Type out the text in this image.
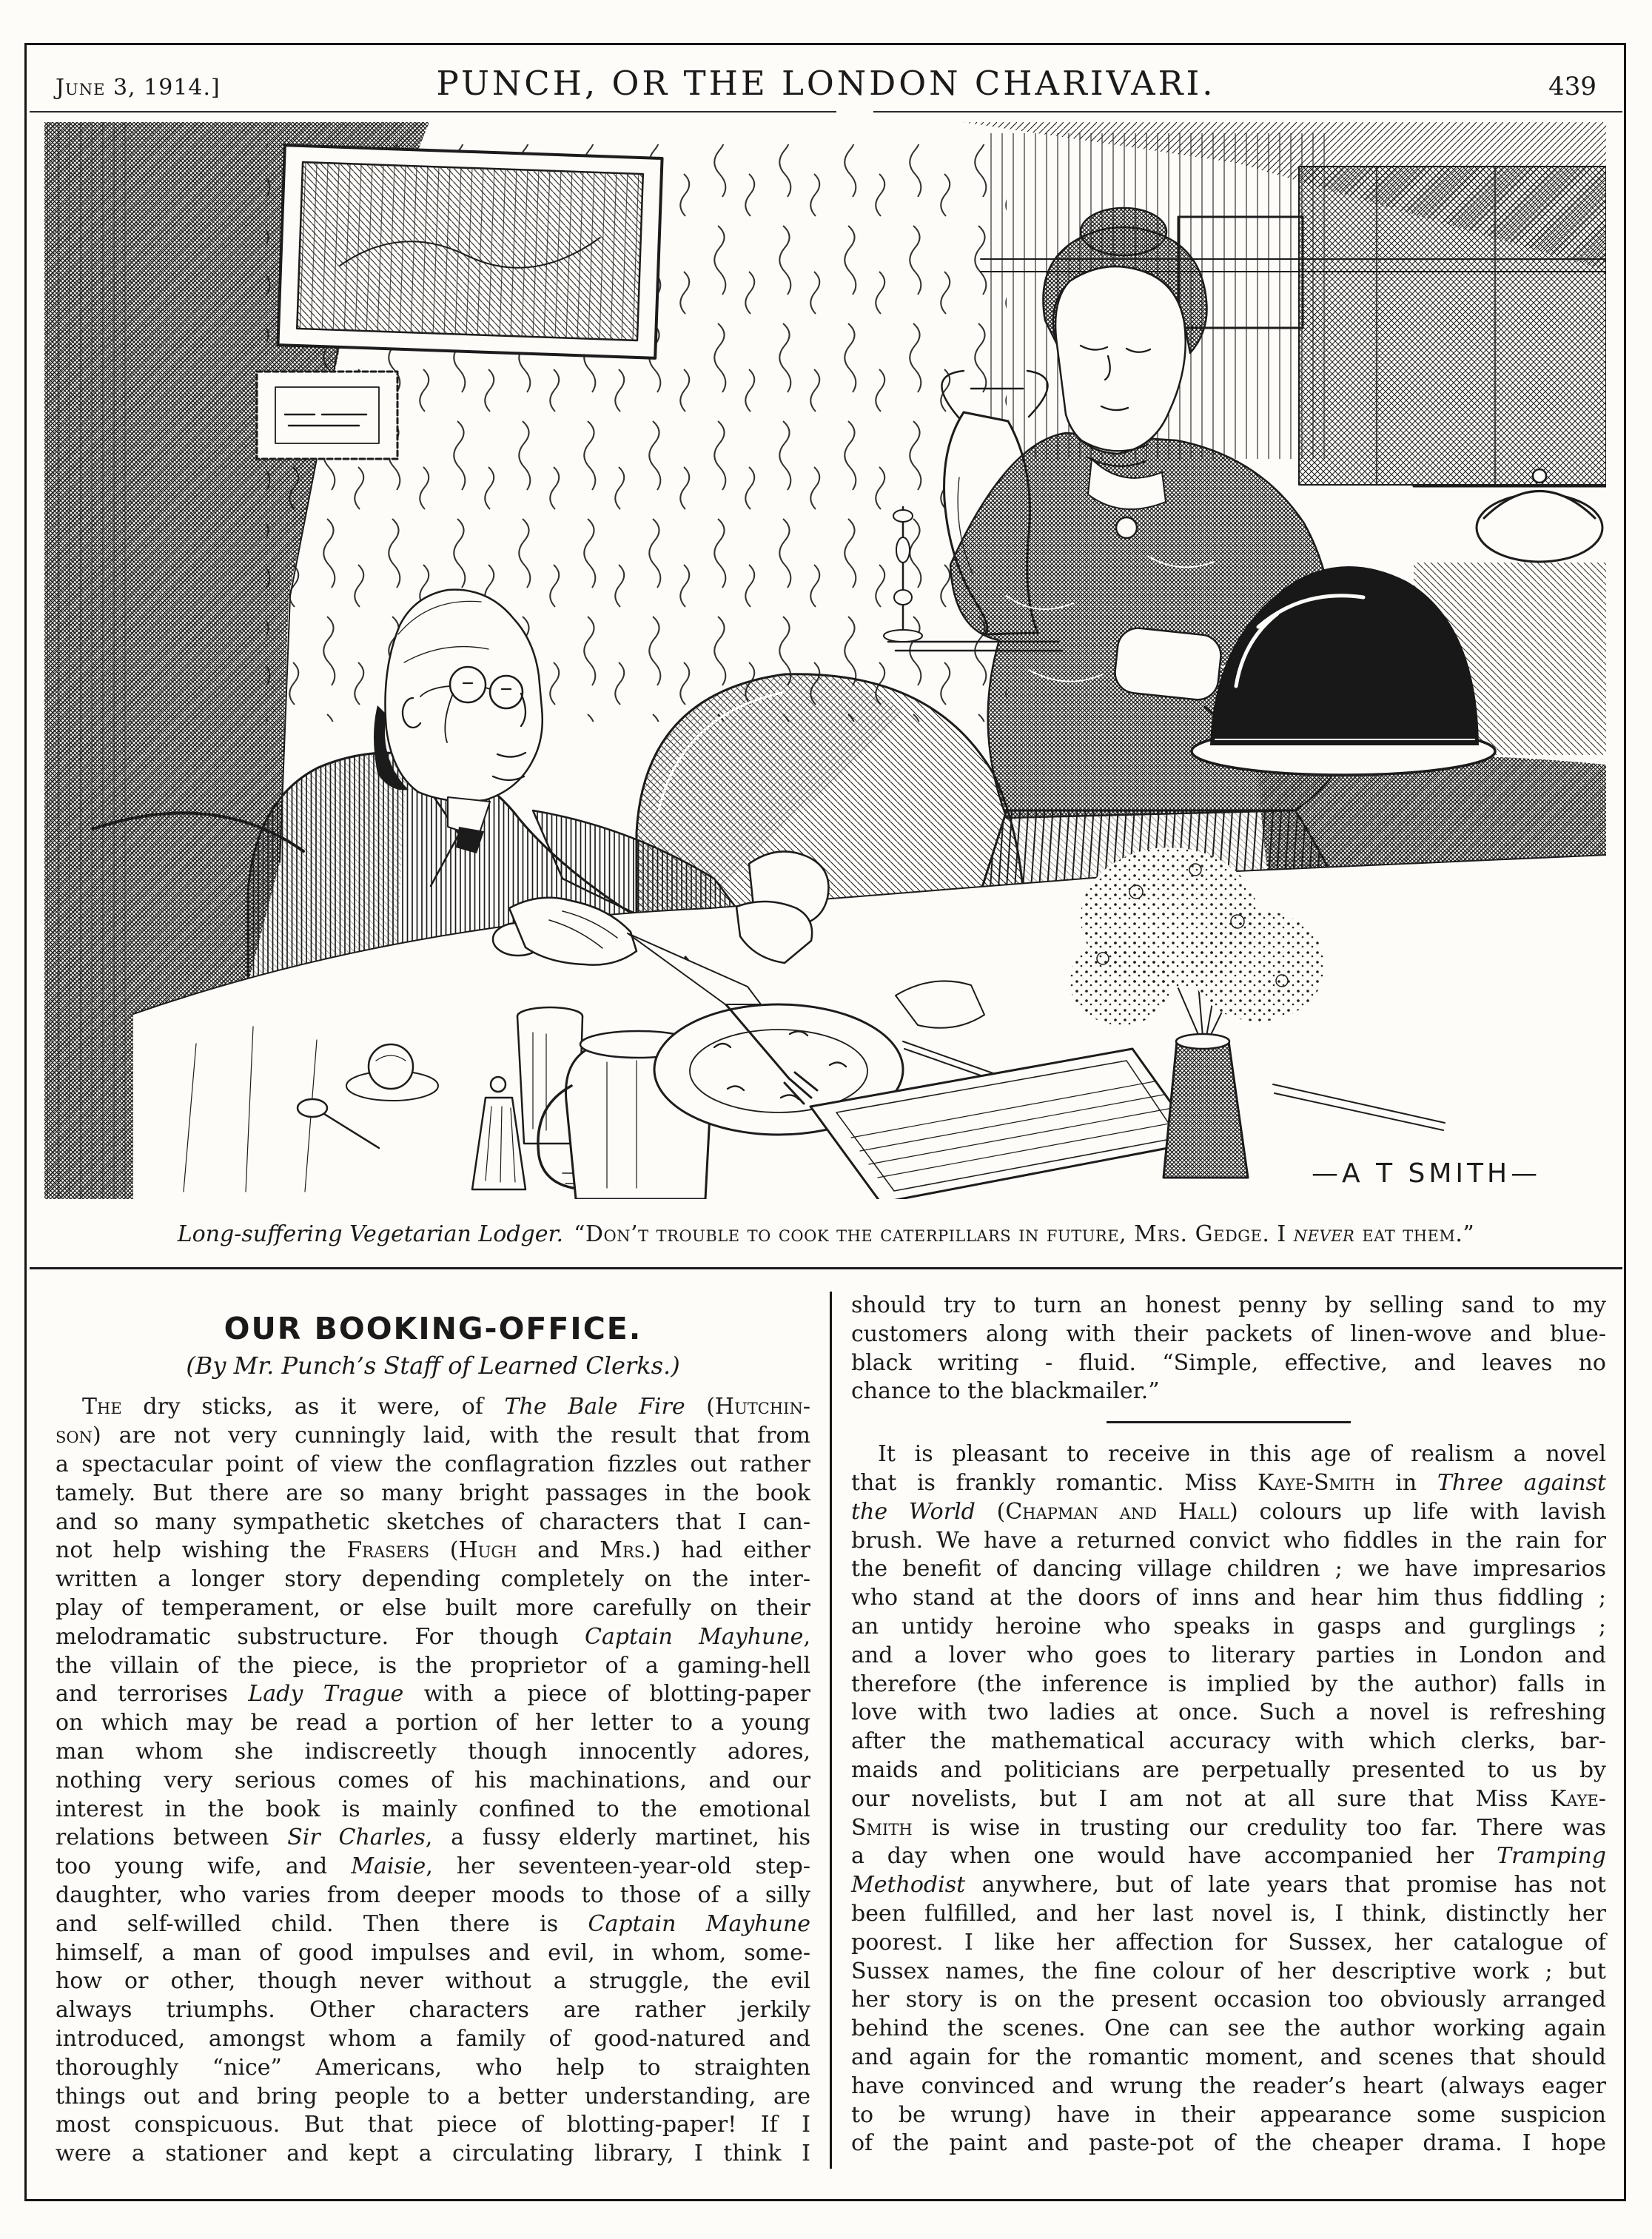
June 3, 1914.]	PUNCH, OR THE LONDON CHARIVARI.	439
—A T SMITH—
Long-suffering Vegetarian Lodger. “Don’t trouble to cook the caterpillars in future, Mrs. Gedge. I never eat them.”
OUR BOOKING-OFFICE.
(By Mr. Punch’s Staff of Learned Clerks.)
The dry sticks, as it were, of The Bale Fire (Hutchin-
son) are not very cunningly laid, with the result that from
a spectacular point of view the conflagration fizzles out rather
tamely. But there are so many bright passages in the book
and so many sympathetic sketches of characters that I can-
not help wishing the Frasers (Hugh and Mrs.) had either
written a longer story depending completely on the inter-
play of temperament, or else built more carefully on their
melodramatic substructure. For though Captain Mayhune,
the villain of the piece, is the proprietor of a gaming-hell
and terrorises Lady Trague with a piece of blotting-paper
on which may be read a portion of her letter to a young
man whom she indiscreetly though innocently adores,
nothing very serious comes of his machinations, and our
interest in the book is mainly confined to the emotional
relations between Sir Charles, a fussy elderly martinet, his
too young wife, and Maisie, her seventeen-year-old step-
daughter, who varies from deeper moods to those of a silly
and self-willed child. Then there is Captain Mayhune
himself, a man of good impulses and evil, in whom, some-
how or other, though never without a struggle, the evil
always triumphs. Other characters are rather jerkily
introduced, amongst whom a family of good-natured and
thoroughly “nice” Americans, who help to straighten
things out and bring people to a better understanding, are
most conspicuous. But that piece of blotting-paper! If I
were a stationer and kept a circulating library, I think I
should try to turn an honest penny by selling sand to my
customers along with their packets of linen-wove and blue-
black writing - fluid. “Simple, effective, and leaves no
chance to the blackmailer.”
It is pleasant to receive in this age of realism a novel
that is frankly romantic. Miss Kaye-Smith in Three against
the World (Chapman and Hall) colours up life with lavish
brush. We have a returned convict who fiddles in the rain for
the benefit of dancing village children ; we have impresarios
who stand at the doors of inns and hear him thus fiddling ;
an untidy heroine who speaks in gasps and gurglings ;
and a lover who goes to literary parties in London and
therefore (the inference is implied by the author) falls in
love with two ladies at once. Such a novel is refreshing
after the mathematical accuracy with which clerks, bar-
maids and politicians are perpetually presented to us by
our novelists, but I am not at all sure that Miss Kaye-
Smith is wise in trusting our credulity too far. There was
a day when one would have accompanied her Tramping
Methodist anywhere, but of late years that promise has not
been fulfilled, and her last novel is, I think, distinctly her
poorest. I like her affection for Sussex, her catalogue of
Sussex names, the fine colour of her descriptive work ; but
her story is on the present occasion too obviously arranged
behind the scenes. One can see the author working again
and again for the romantic moment, and scenes that should
have convinced and wrung the reader’s heart (always eager
to be wrung) have in their appearance some suspicion
of the paint and paste-pot of the cheaper drama. I hope
